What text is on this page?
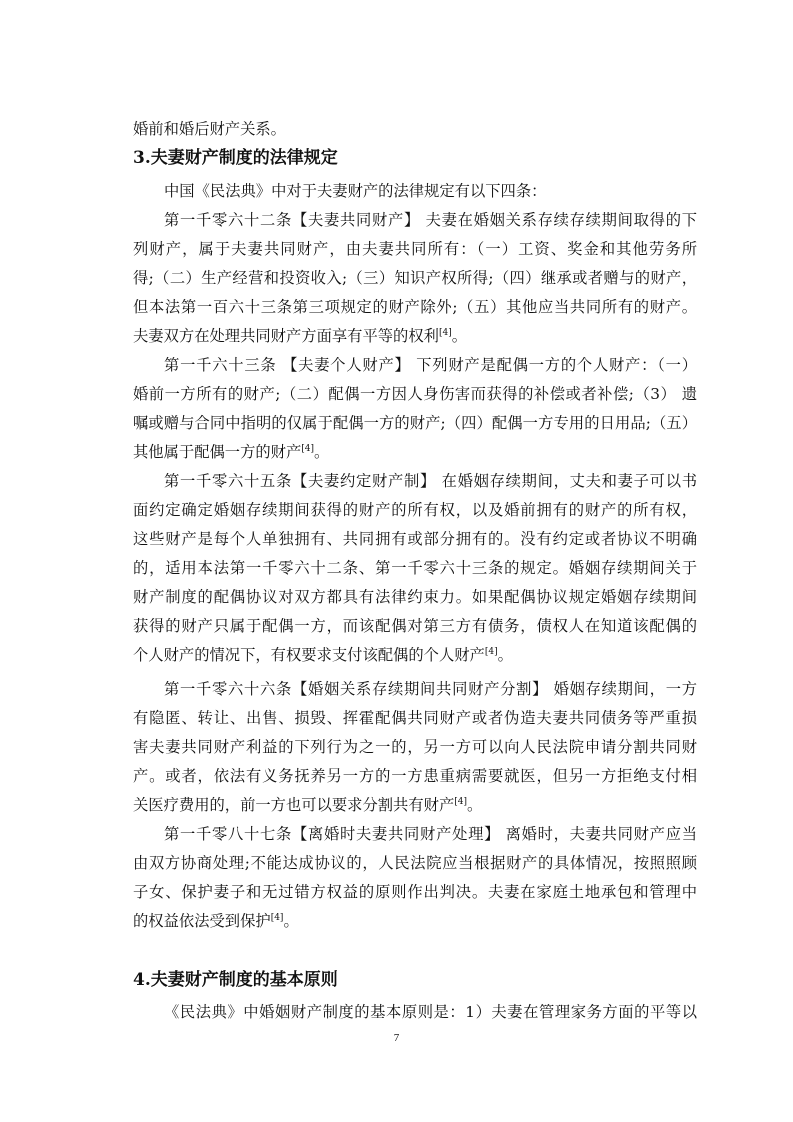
婚前和婚后财产关系。
3.夫妻财产制度的法律规定
中国《民法典》中对于夫妻财产的法律规定有以下四条：
第一千零六十二条【夫妻共同财产】 夫妻在婚姻关系存续存续期间取得的下
列财产，属于夫妻共同财产，由夫妻共同所有：（一）工资、奖金和其他劳务所
得;（二）生产经营和投资收入;（三）知识产权所得;（四）继承或者赠与的财产，
但本法第一百六十三条第三项规定的财产除外;（五）其他应当共同所有的财产。
夫妻双方在处理共同财产方面享有平等的权利[4]。
第一千六十三条 【夫妻个人财产】 下列财产是配偶一方的个人财产：（一）
婚前一方所有的财产;（二）配偶一方因人身伤害而获得的补偿或者补偿;（3） 遗
嘱或赠与合同中指明的仅属于配偶一方的财产;（四）配偶一方专用的日用品;（五）
其他属于配偶一方的财产[4]。
第一千零六十五条【夫妻约定财产制】 在婚姻存续期间，丈夫和妻子可以书
面约定确定婚姻存续期间获得的财产的所有权，以及婚前拥有的财产的所有权，
这些财产是每个人单独拥有、共同拥有或部分拥有的。没有约定或者协议不明确
的，适用本法第一千零六十二条、第一千零六十三条的规定。婚姻存续期间关于
财产制度的配偶协议对双方都具有法律约束力。如果配偶协议规定婚姻存续期间
获得的财产只属于配偶一方，而该配偶对第三方有债务，债权人在知道该配偶的
个人财产的情况下，有权要求支付该配偶的个人财产[4]。
第一千零六十六条【婚姻关系存续期间共同财产分割】 婚姻存续期间，一方
有隐匿、转让、出售、损毁、挥霍配偶共同财产或者伪造夫妻共同债务等严重损
害夫妻共同财产利益的下列行为之一的，另一方可以向人民法院申请分割共同财
产。或者，依法有义务抚养另一方的一方患重病需要就医，但另一方拒绝支付相
关医疗费用的，前一方也可以要求分割共有财产[4]。
第一千零八十七条【离婚时夫妻共同财产处理】 离婚时，夫妻共同财产应当
由双方协商处理;不能达成协议的，人民法院应当根据财产的具体情况，按照照顾
子女、保护妻子和无过错方权益的原则作出判决。夫妻在家庭土地承包和管理中
的权益依法受到保护[4]。
4.夫妻财产制度的基本原则
《民法典》中婚姻财产制度的基本原则是：1）夫妻在管理家务方面的平等以
7
